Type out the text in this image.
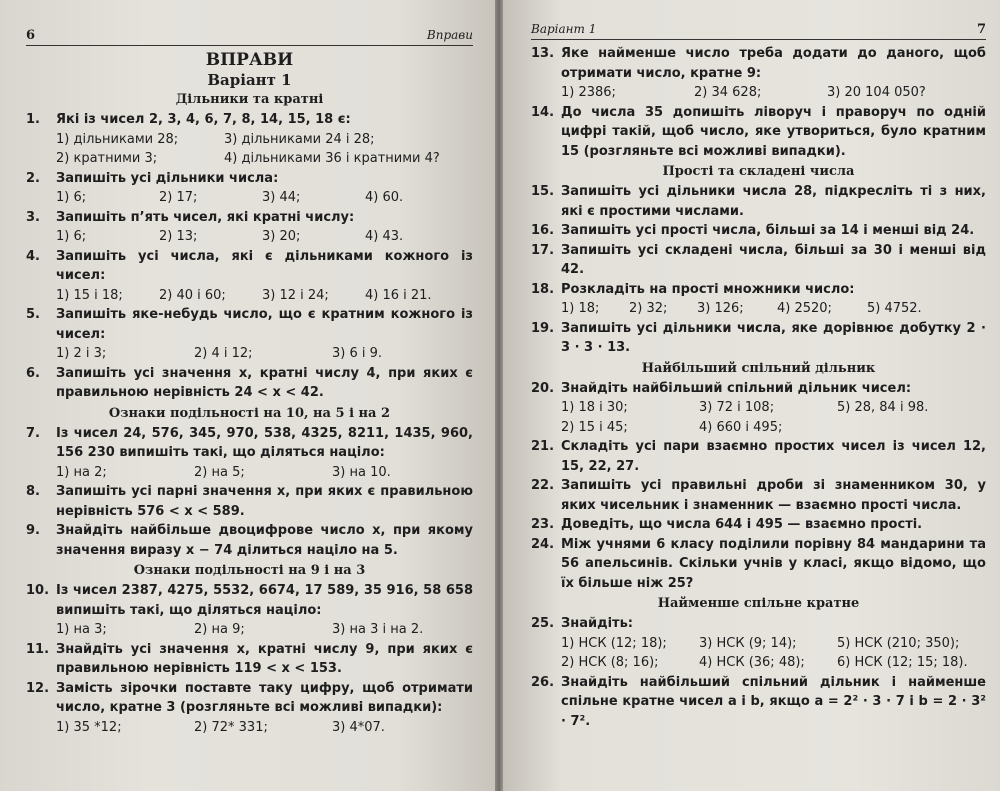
6	Вправи
ВПРАВИ
Варіант 1
Дільники та кратні
1.	Які із чисел 2, 3, 4, 6, 7, 8, 14, 15, 18 є:
1) дільниками 28;	3) дільниками 24 і 28;
2) кратними 3;	4) дільниками 36 і кратними 4?
2.	Запишіть усі дільники числа:
1) 6;	2) 17;	3) 44;	4) 60.
3.	Запишіть п’ять чисел, які кратні числу:
1) 6;	2) 13;	3) 20;	4) 43.
4.	Запишіть усі числа, які є дільниками кожного із чисел:
1) 15 і 18;	2) 40 і 60;	3) 12 і 24;	4) 16 і 21.
5.	Запишіть яке-небудь число, що є кратним кожного із чисел:
1) 2 і 3;	2) 4 і 12;	3) 6 і 9.
6.	Запишіть усі значення x, кратні числу 4, при яких є правильною нерівність 24 < x < 42.
Ознаки подільності на 10, на 5 і на 2
7.	Із чисел 24, 576, 345, 970, 538, 4325, 8211, 1435, 960, 156 230 випишіть такі, що діляться націло:
1) на 2;	2) на 5;	3) на 10.
8.	Запишіть усі парні значення x, при яких є правильною нерівність 576 < x < 589.
9.	Знайдіть найбільше двоцифрове число x, при якому значення виразу x − 74 ділиться націло на 5.
Ознаки подільності на 9 і на 3
10. Із чисел 2387, 4275, 5532, 6674, 17 589, 35 916, 58 658 випишіть такі, що діляться націло:
1) на 3;	2) на 9;	3) на 3 і на 2.
11. Знайдіть усі значення x, кратні числу 9, при яких є правильною нерівність 119 < x < 153.
12. Замість зірочки поставте таку цифру, щоб отримати число, кратне 3 (розгляньте всі можливі випадки):
1) 35 *12;	2) 72* 331;	3) 4*07.
Варіант 1	7
13. Яке найменше число треба додати до даного, щоб отримати число, кратне 9:
1) 2386;	2) 34 628;	3) 20 104 050?
14. До числа 35 допишіть ліворуч і праворуч по одній цифрі такій, щоб число, яке утвориться, було кратним 15 (розгляньте всі можливі випадки).
Прості та складені числа
15. Запишіть усі дільники числа 28, підкресліть ті з них, які є простими числами.
16. Запишіть усі прості числа, більші за 14 і менші від 24.
17. Запишіть усі складені числа, більші за 30 і менші від 42.
18. Розкладіть на прості множники число:
1) 18;	2) 32;	3) 126;	4) 2520;	5) 4752.
19. Запишіть усі дільники числа, яке дорівнює добутку 2 · 3 · 3 · 13.
Найбільший спільний дільник
20. Знайдіть найбільший спільний дільник чисел:
1) 18 і 30;	3) 72 і 108;	5) 28, 84 і 98.
2) 15 і 45;	4) 660 і 495;
21. Складіть усі пари взаємно простих чисел із чисел 12, 15, 22, 27.
22. Запишіть усі правильні дроби зі знаменником 30, у яких чисельник і знаменник — взаємно прості числа.
23. Доведіть, що числа 644 і 495 — взаємно прості.
24. Між учнями 6 класу поділили порівну 84 мандарини та 56 апельсинів. Скільки учнів у класі, якщо відомо, що їх більше ніж 25?
Найменше спільне кратне
25. Знайдіть:
1) НСК (12; 18);	3) НСК (9; 14);	5) НСК (210; 350);
2) НСК (8; 16);	4) НСК (36; 48);	6) НСК (12; 15; 18).
26. Знайдіть найбільший спільний дільник і найменше спільне кратне чисел a і b, якщо a = 2² · 3 · 7 і b = 2 · 3² · 7².
